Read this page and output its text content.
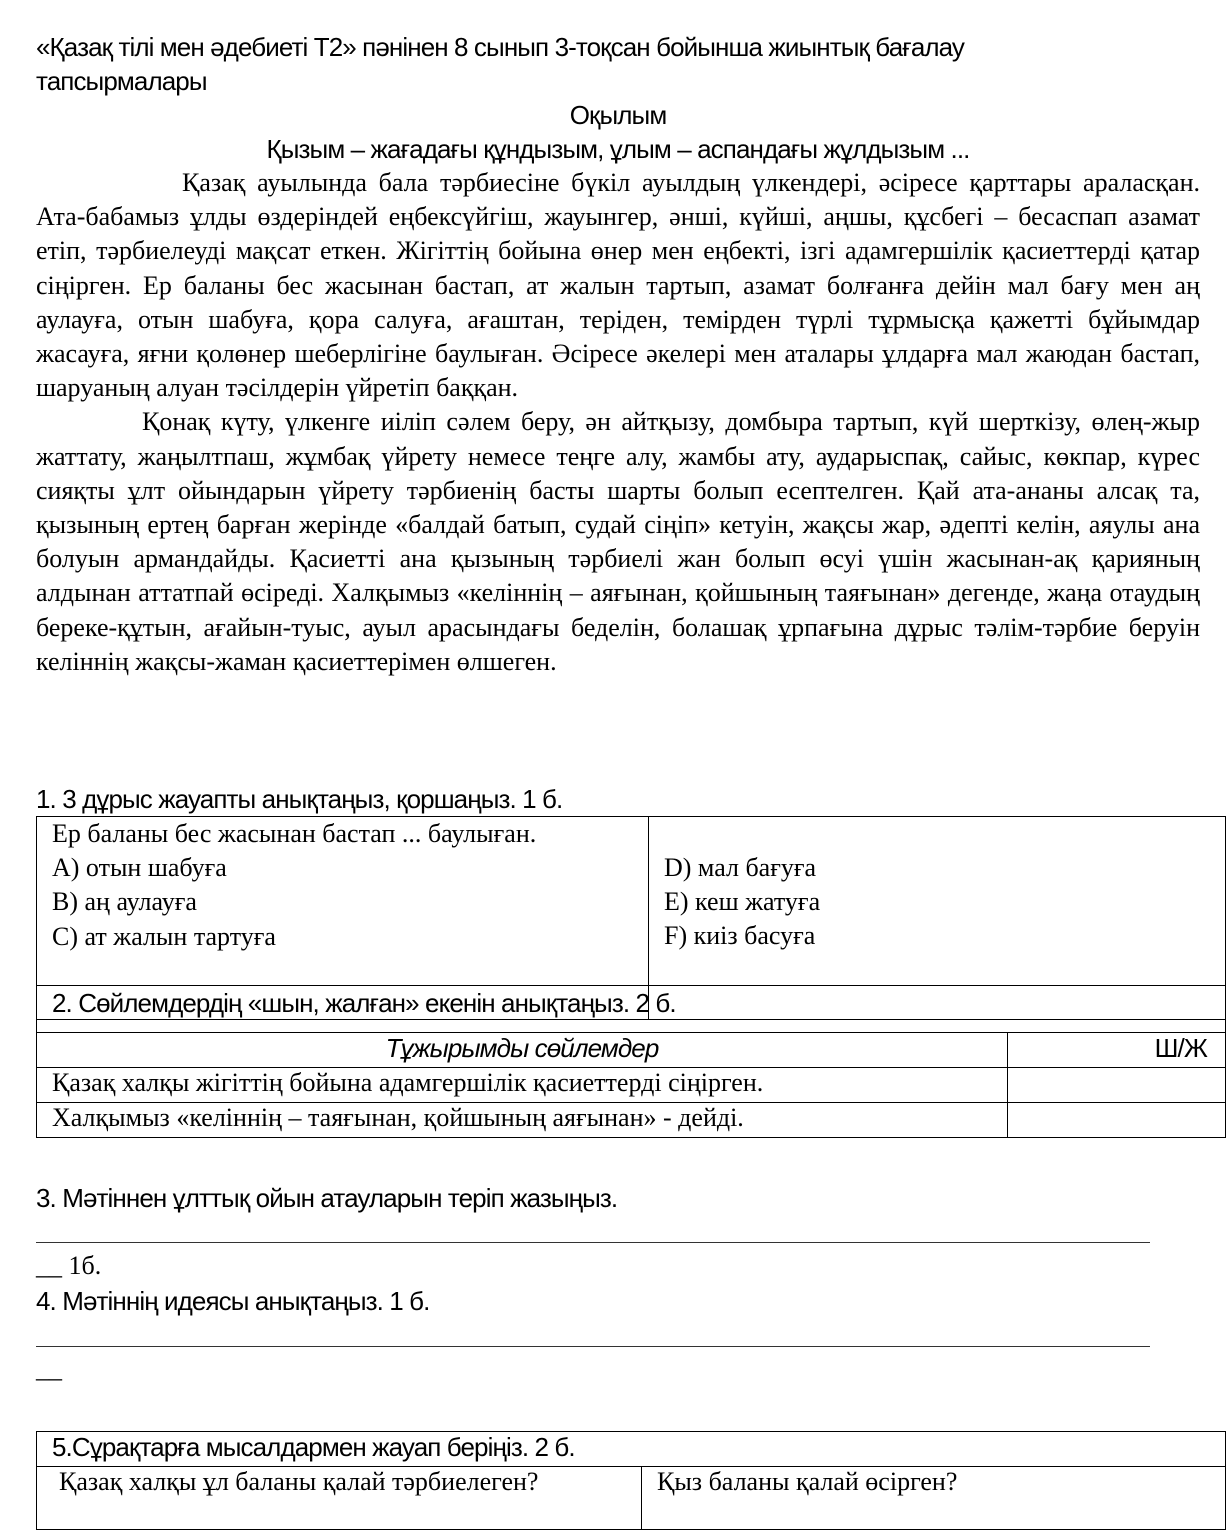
«Қазақ тілі мен әдебиеті Т2» пәнінен 8 сынып 3-тоқсан бойынша жиынтық бағалау

тапсырмалары

Оқылым

Қызым – жағадағы құндызым, ұлым – аспандағы жұлдызым ...

Қазақ ауылында бала тәрбиесіне бүкіл ауылдың үлкендері, әсіресе қарттары араласқан. Ата-бабамыз ұлды өздеріндей еңбексүйгіш, жауынгер, әнші, күйші, аңшы, құсбегі – бесаспап азамат етіп, тәрбиелеуді мақсат еткен. Жігіттің бойына өнер мен еңбекті, ізгі адамгершілік қасиеттерді қатар сіңірген. Ер баланы бес жасынан бастап, ат жалын тартып, азамат болғанға дейін мал бағу мен аң аулауға, отын шабуға, қора салуға, ағаштан, теріден, темірден түрлі тұрмысқа қажетті бұйымдар жасауға, яғни қолөнер шеберлігіне баулыған. Әсіресе әкелері мен аталары ұлдарға мал жаюдан бастап, шаруаның алуан тәсілдерін үйретіп баққан.

Қонақ күту, үлкенге иіліп сәлем беру, ән айтқызу, домбыра тартып, күй шерткізу, өлең-жыр жаттату, жаңылтпаш, жұмбақ үйрету немесе теңге алу, жамбы ату, аударыспақ, сайыс, көкпар, күрес сияқты ұлт ойындарын үйрету тәрбиенің басты шарты болып есептелген. Қай ата-ананы алсақ та, қызының ертең барған жерінде «балдай батып, судай сіңіп» кетуін, жақсы жар, әдепті келін, аяулы ана болуын армандайды. Қасиетті ана қызының тәрбиелі жан болып өсуі үшін жасынан-ақ қарияның алдынан аттатпай өсіреді. Халқымыз «келіннің – аяғынан, қойшының таяғынан» дегенде, жаңа отаудың береке-құтын, ағайын-туыс, ауыл арасындағы беделін, болашақ ұрпағына дұрыс тәлім-тәрбие беруін келіннің жақсы-жаман қасиеттерімен өлшеген.

1. 3 дұрыс жауапты анықтаңыз, қоршаңыз. 1 б.

Ер баланы бес жасынан бастап ... баулыған.
A) отын шабуға
B) аң аулауға
C) ат жалын тартуға

D) мал бағуға
E) кеш жатуға
F) киіз басуға
2. Сөйлемдердің «шын, жалған» екенін анықтаңыз. 2 б.	
Тұжырымды сөйлемдер	Ш/Ж
Қазақ халқы жігіттің бойына адамгершілік қасиеттерді сіңірген.	
Халқымыз «келіннің – таяғынан, қойшының аяғынан» - дейді.	

3. Мәтіннен ұлттық ойын атауларын теріп жазыңыз.

__ 1б.

4. Мәтіннің идеясы анықтаңыз. 1 б.

__

5.Сұрақтарға мысалдармен жауап беріңіз. 2 б.
Қазақ халқы ұл баланы қалай тәрбиелеген?	Қыз баланы қалай өсірген?
